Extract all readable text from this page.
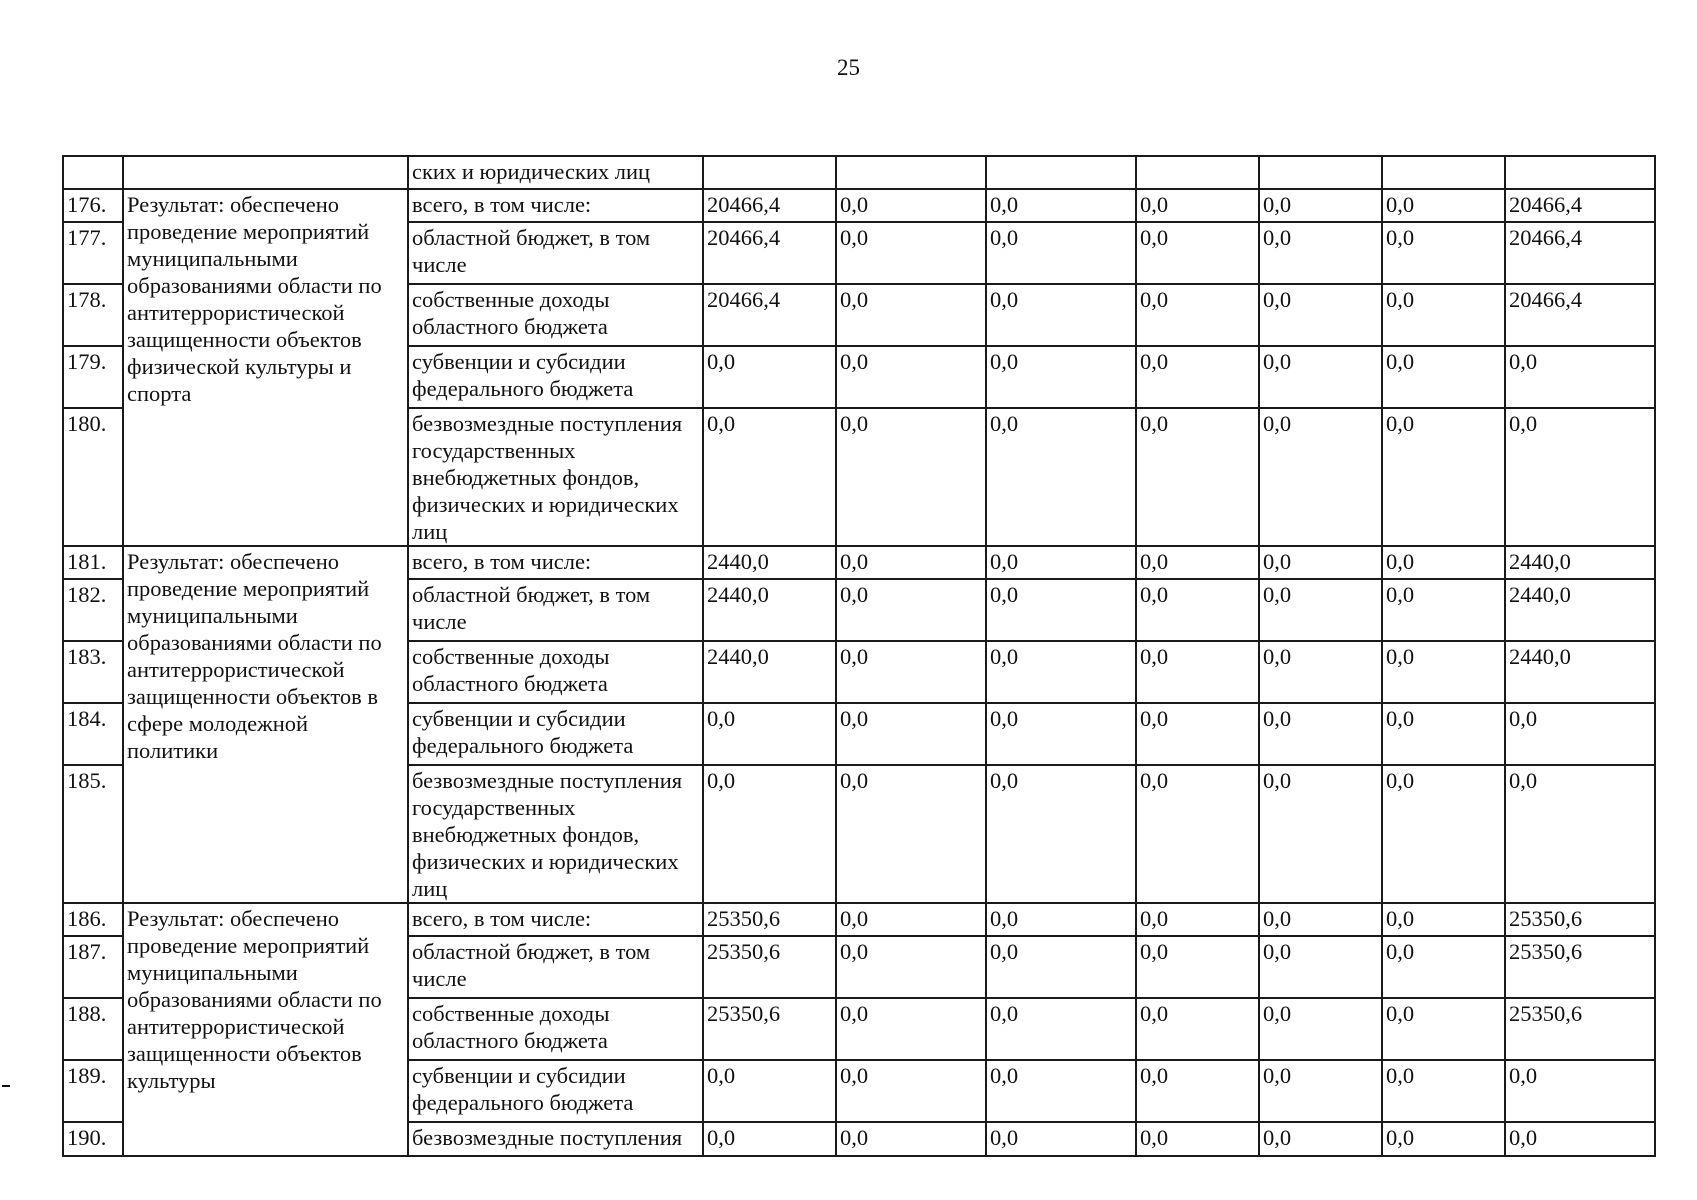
25
		ских и юридических лиц							
176.	Результат: обеспечено проведение мероприятий муниципальными образованиями области по антитеррористической защищенности объектов физической культуры и спорта	всего, в том числе:	20466,4	0,0	0,0	0,0	0,0	0,0	20466,4
177.		областной бюджет, в том числе	20466,4	0,0	0,0	0,0	0,0	0,0	20466,4
178.		собственные доходы областного бюджета	20466,4	0,0	0,0	0,0	0,0	0,0	20466,4
179.		субвенции и субсидии федерального бюджета	0,0	0,0	0,0	0,0	0,0	0,0	0,0
180.		безвозмездные поступления государственных внебюджетных фондов, физических и юридических лиц	0,0	0,0	0,0	0,0	0,0	0,0	0,0
181.	Результат: обеспечено проведение мероприятий муниципальными образованиями области по антитеррористической защищенности объектов в сфере молодежной политики	всего, в том числе:	2440,0	0,0	0,0	0,0	0,0	0,0	2440,0
182.		областной бюджет, в том числе	2440,0	0,0	0,0	0,0	0,0	0,0	2440,0
183.		собственные доходы областного бюджета	2440,0	0,0	0,0	0,0	0,0	0,0	2440,0
184.		субвенции и субсидии федерального бюджета	0,0	0,0	0,0	0,0	0,0	0,0	0,0
185.		безвозмездные поступления государственных внебюджетных фондов, физических и юридических лиц	0,0	0,0	0,0	0,0	0,0	0,0	0,0
186.	Результат: обеспечено проведение мероприятий муниципальными образованиями области по антитеррористической защищенности объектов культуры	всего, в том числе:	25350,6	0,0	0,0	0,0	0,0	0,0	25350,6
187.		областной бюджет, в том числе	25350,6	0,0	0,0	0,0	0,0	0,0	25350,6
188.		собственные доходы областного бюджета	25350,6	0,0	0,0	0,0	0,0	0,0	25350,6
189.		субвенции и субсидии федерального бюджета	0,0	0,0	0,0	0,0	0,0	0,0	0,0
190.		безвозмездные поступления	0,0	0,0	0,0	0,0	0,0	0,0	0,0
